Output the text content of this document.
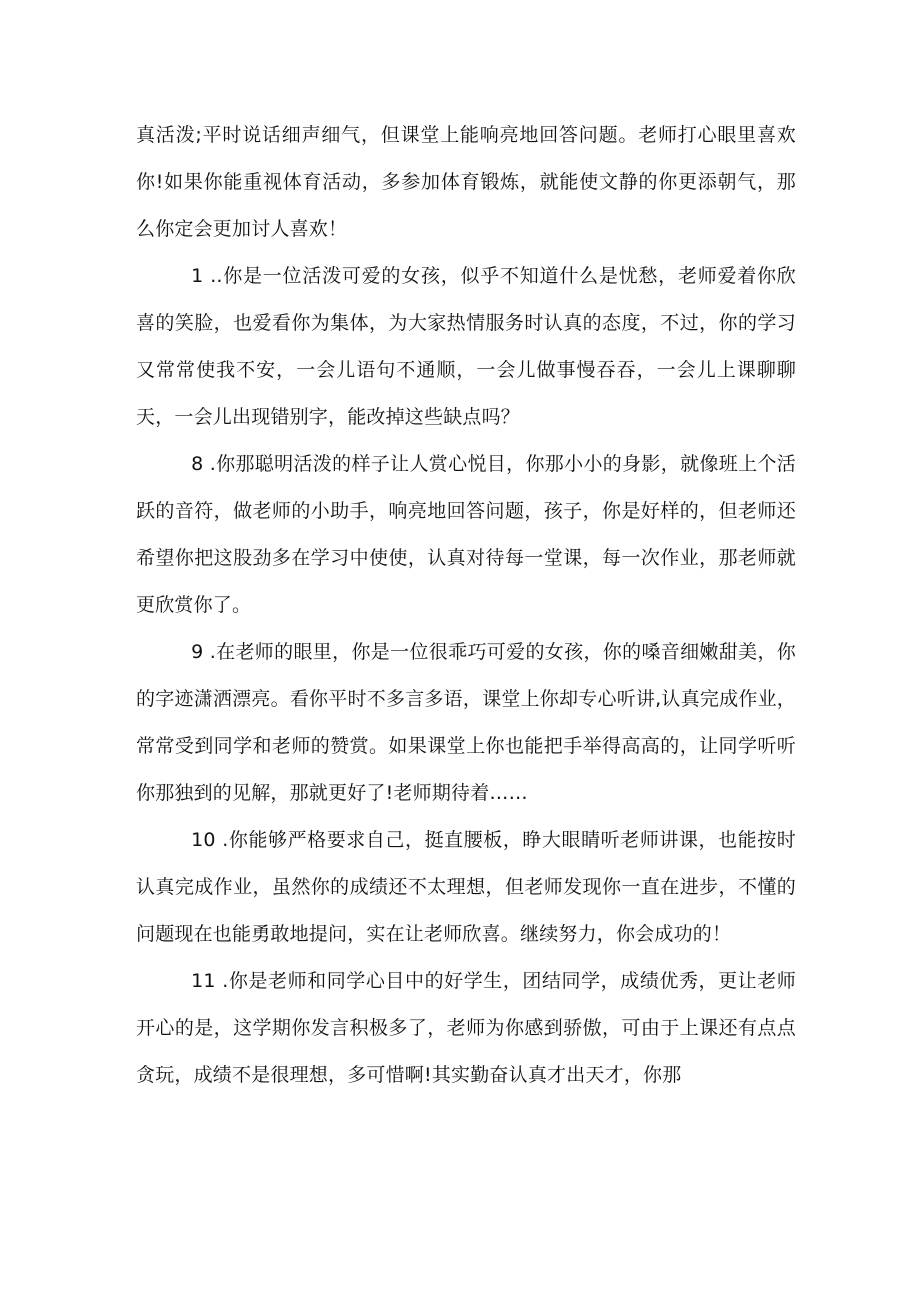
真活泼;平时说话细声细气，但课堂上能响亮地回答问题。老师打心眼里喜欢你!如果你能重视体育活动，多参加体育锻炼，就能使文静的你更添朝气，那么你定会更加讨人喜欢！

1 ..你是一位活泼可爱的女孩，似乎不知道什么是忧愁，老师爱着你欣喜的笑脸，也爱看你为集体，为大家热情服务时认真的态度，不过，你的学习又常常使我不安，一会儿语句不通顺，一会儿做事慢吞吞，一会儿上课聊聊天，一会儿出现错别字，能改掉这些缺点吗？

8 .你那聪明活泼的样子让人赏心悦目，你那小小的身影，就像班上个活跃的音符，做老师的小助手，响亮地回答问题，孩子，你是好样的，但老师还希望你把这股劲多在学习中使使，认真对待每一堂课，每一次作业，那老师就更欣赏你了。

9 .在老师的眼里，你是一位很乖巧可爱的女孩，你的嗓音细嫩甜美，你的字迹潇洒漂亮。看你平时不多言多语，课堂上你却专心听讲,认真完成作业，常常受到同学和老师的赞赏。如果课堂上你也能把手举得高高的，让同学听听你那独到的见解，那就更好了!老师期待着……

10 .你能够严格要求自己，挺直腰板，睁大眼睛听老师讲课，也能按时认真完成作业，虽然你的成绩还不太理想，但老师发现你一直在进步，不懂的问题现在也能勇敢地提问，实在让老师欣喜。继续努力，你会成功的！

11 .你是老师和同学心目中的好学生，团结同学，成绩优秀，更让老师开心的是，这学期你发言积极多了，老师为你感到骄傲，可由于上课还有点点贪玩，成绩不是很理想，多可惜啊!其实勤奋认真才出天才，你那
